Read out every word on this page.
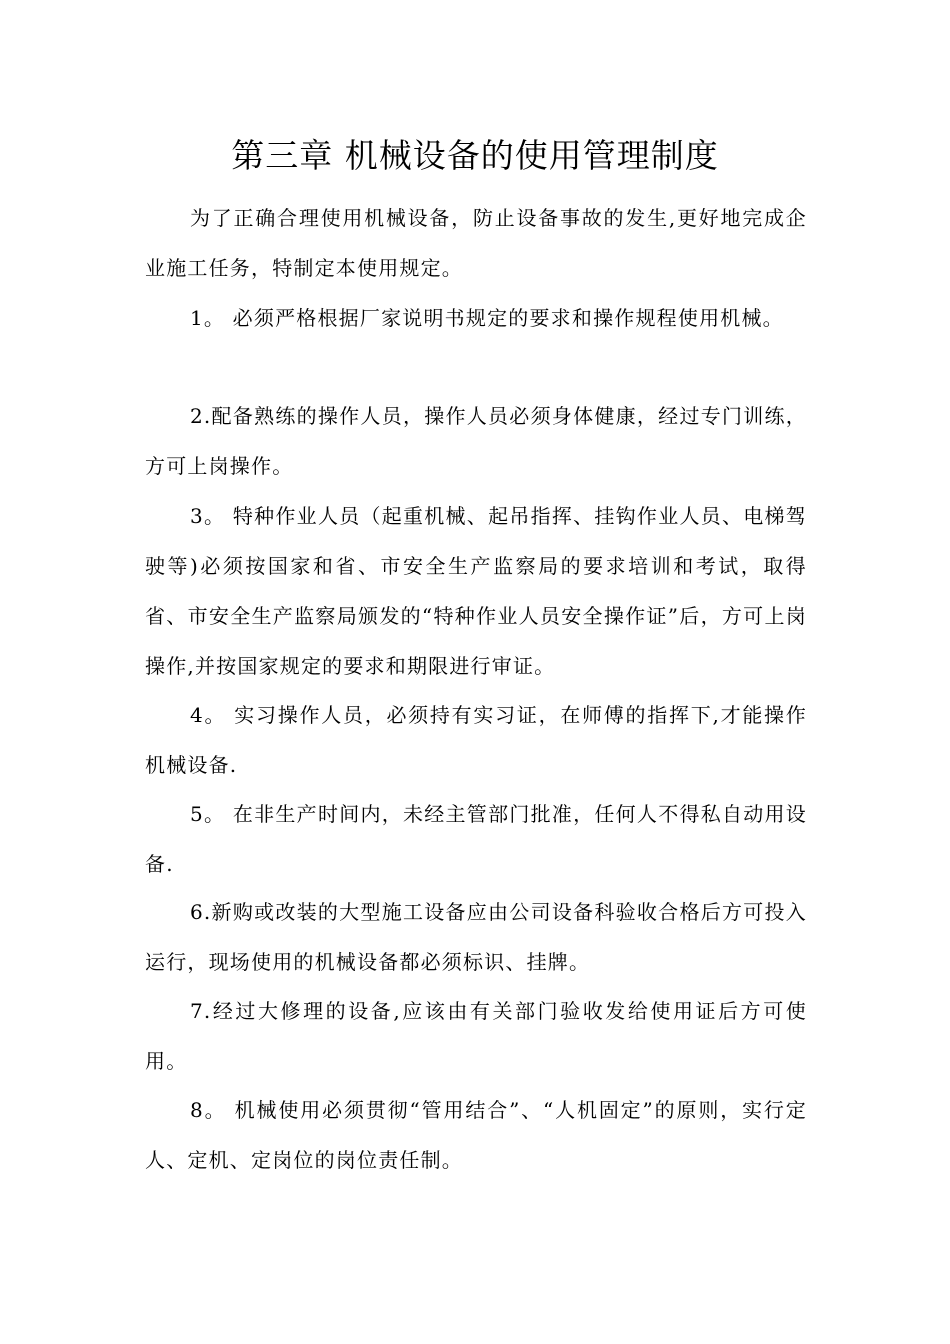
第三章 机械设备的使用管理制度

为了正确合理使用机械设备，防止设备事故的发生,更好地完成企业施工任务，特制定本使用规定。

1。 必须严格根据厂家说明书规定的要求和操作规程使用机械。

2.配备熟练的操作人员，操作人员必须身体健康，经过专门训练，方可上岗操作。

3。 特种作业人员（起重机械、起吊指挥、挂钩作业人员、电梯驾驶等)必须按国家和省、市安全生产监察局的要求培训和考试，取得省、市安全生产监察局颁发的“特种作业人员安全操作证”后，方可上岗操作,并按国家规定的要求和期限进行审证。

4。 实习操作人员，必须持有实习证，在师傅的指挥下,才能操作机械设备.

5。 在非生产时间内，未经主管部门批准，任何人不得私自动用设备.

6.新购或改装的大型施工设备应由公司设备科验收合格后方可投入运行，现场使用的机械设备都必须标识、挂牌。

7.经过大修理的设备,应该由有关部门验收发给使用证后方可使用。

8。 机械使用必须贯彻“管用结合”、“人机固定”的原则，实行定人、定机、定岗位的岗位责任制。
